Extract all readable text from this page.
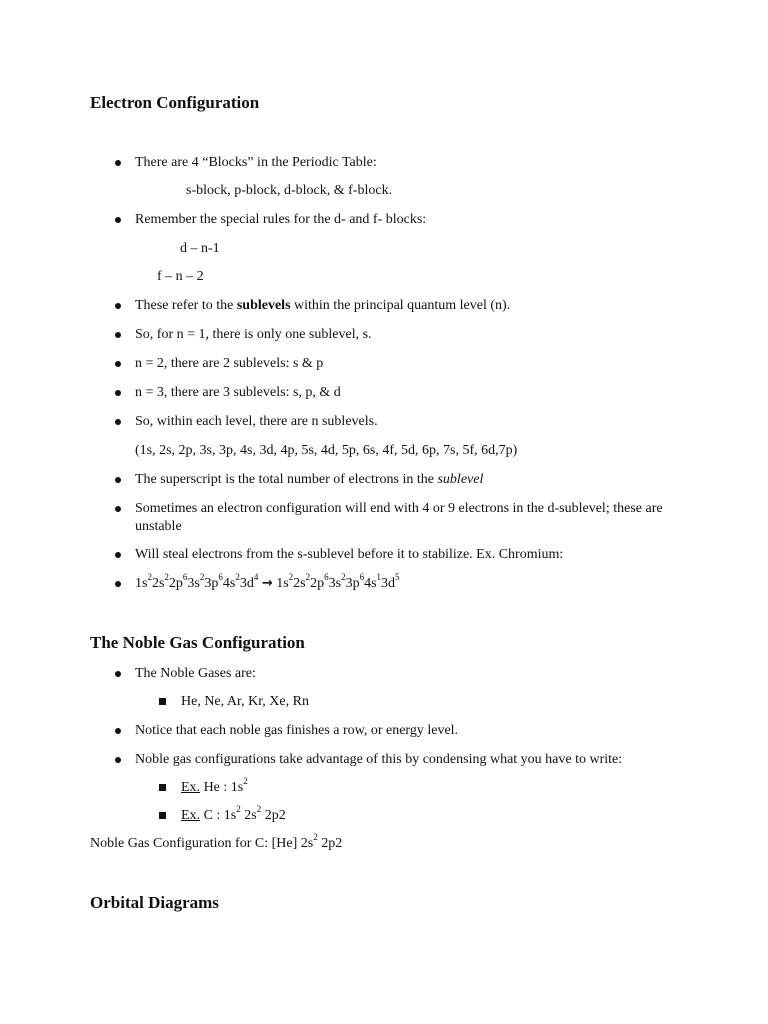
Electron Configuration
There are 4 “Blocks” in the Periodic Table:
s-block, p-block, d-block, & f-block.
Remember the special rules for the d- and f- blocks:
d – n-1
f – n – 2
These refer to the sublevels within the principal quantum level (n).
So, for n = 1, there is only one sublevel, s.
n = 2, there are 2 sublevels: s & p
n = 3, there are 3 sublevels: s, p, & d
So, within each level, there are n sublevels.
(1s, 2s, 2p, 3s, 3p, 4s, 3d, 4p, 5s, 4d, 5p, 6s, 4f, 5d, 6p, 7s, 5f, 6d,7p)
The superscript is the total number of electrons in the sublevel
Sometimes an electron configuration will end with 4 or 9 electrons in the d-sublevel; these are unstable
Will steal electrons from the s-sublevel before it to stabilize. Ex. Chromium:
$1s^22s^22p^63s^23p^64s^23d^4 \to 1s^22s^22p^63s^23p^64s^13d^5$
The Noble Gas Configuration
The Noble Gases are:
He, Ne, Ar, Kr, Xe, Rn
Notice that each noble gas finishes a row, or energy level.
Noble gas configurations take advantage of this by condensing what you have to write:
Ex. He : $1s^2$
Ex. C : $1s^2$ $2s^2$ 2p2
Noble Gas Configuration for C: [He] $2s^2$ 2p2
Orbital Diagrams
